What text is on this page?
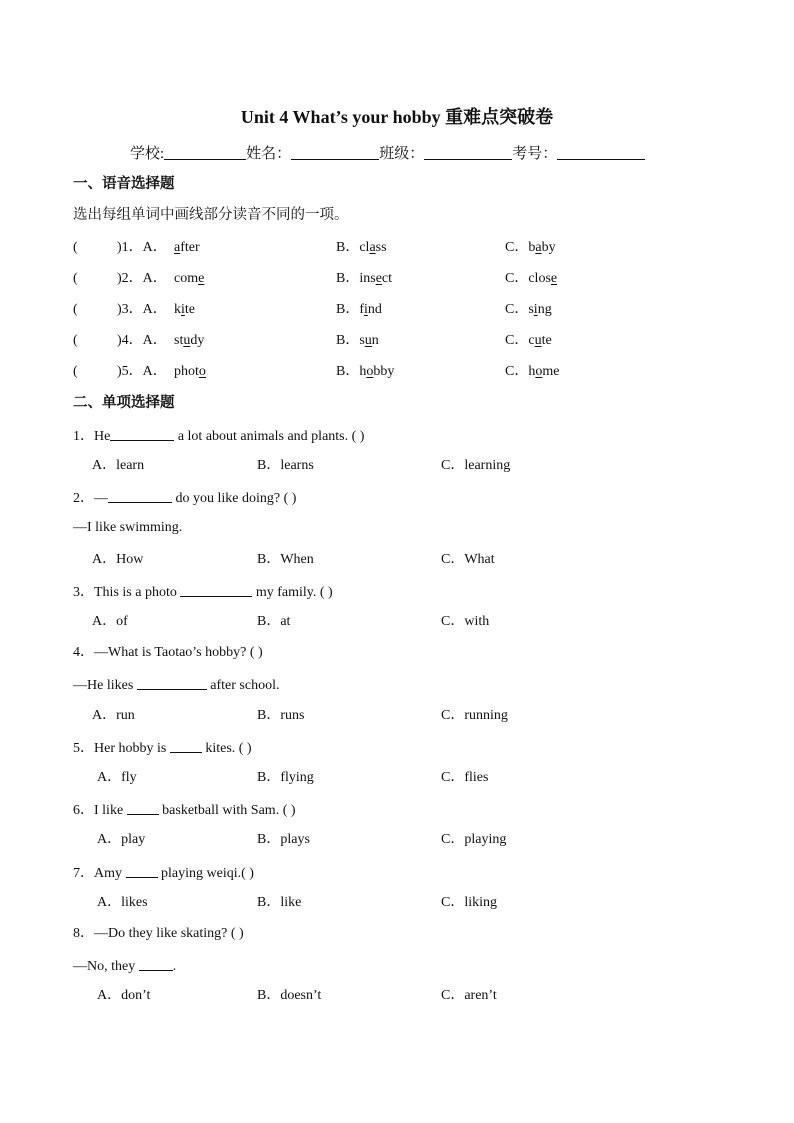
Unit 4 What’s your hobby 重难点突破卷
学校:	姓名：	班级：	考号：
一、语音选择题
选出每组单词中画线部分读音不同的一项。
(	)1．A． after	B．class	C．baby
(	)2．A． come	B．insect	C．close
(	)3．A． kite	B．find	C．sing
(	)4．A． study	B．sun	C．cute
(	)5．A． photo	B．hobby	C．home
二、单项选择题
1．He	a lot about animals and plants. ( )
A．learn	B．learns	C．learning
2．—	do you like doing? ( )
—I like swimming.
A．How	B．When	C．What
3．This is a photo	my family. ( )
A．of	B．at	C．with
4．—What is Taotao’s hobby? ( )
—He likes	after school.
A．run	B．runs	C．running
5．Her hobby is  kites. ( )
A．fly	B．flying	C．flies
6．I like  basketball with Sam. ( )
A．play	B．plays	C．playing
7．Amy  playing weiqi.( )
A．likes	B．like	C．liking
8．—Do they like skating? ( )
—No, they .
A．don’t	B．doesn’t	C．aren’t
